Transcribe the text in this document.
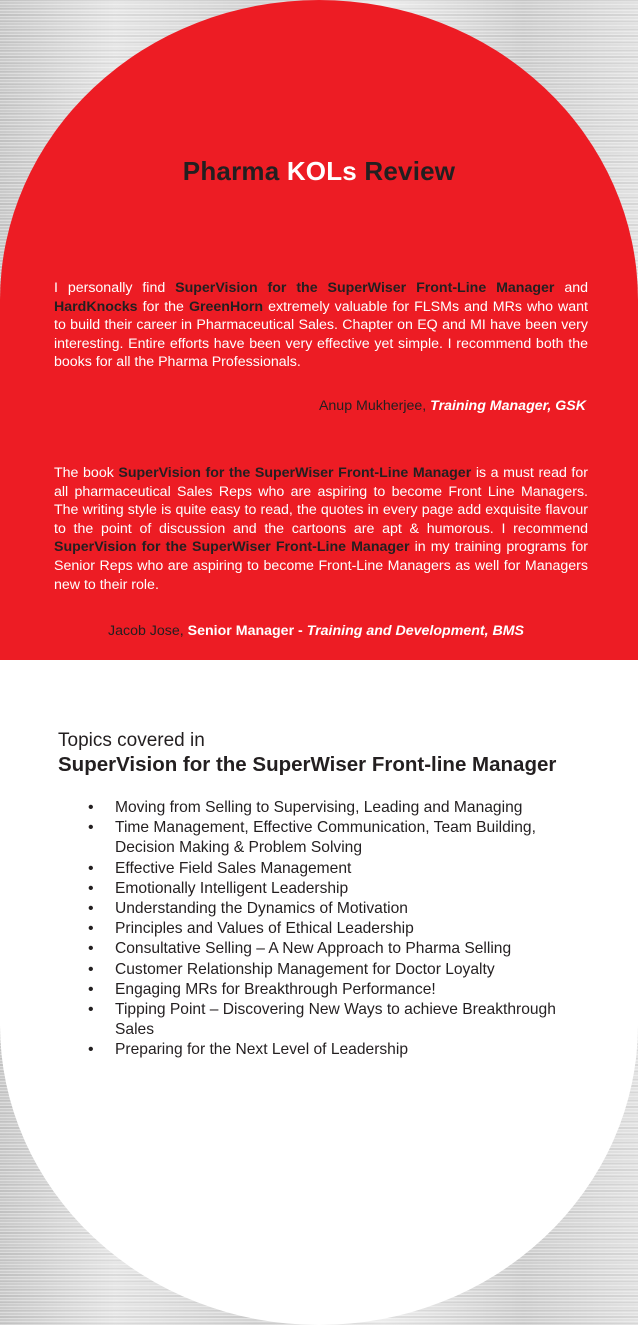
Pharma KOLs Review

I personally find SuperVision for the SuperWiser Front-Line Manager and HardKnocks for the GreenHorn extremely valuable for FLSMs and MRs who want to build their career in Pharmaceutical Sales. Chapter on EQ and MI have been very interesting. Entire efforts have been very effective yet simple. I recommend both the books for all the Pharma Professionals.

Anup Mukherjee, Training Manager, GSK

The book SuperVision for the SuperWiser Front-Line Manager is a must read for all pharmaceutical Sales Reps who are aspiring to become Front Line Managers. The writing style is quite easy to read, the quotes in every page add exquisite flavour to the point of discussion and the cartoons are apt & humorous. I recommend SuperVision for the SuperWiser Front-Line Manager in my training programs for Senior Reps who are aspiring to become Front-Line Managers as well for Managers new to their role.

Jacob Jose, Senior Manager - Training and Development, BMS
Topics covered in
SuperVision for the SuperWiser Front-line Manager
• Moving from Selling to Supervising, Leading and Managing
• Time Management, Effective Communication, Team Building, Decision Making & Problem Solving
• Effective Field Sales Management
• Emotionally Intelligent Leadership
• Understanding the Dynamics of Motivation
• Principles and Values of Ethical Leadership
• Consultative Selling – A New Approach to Pharma Selling
• Customer Relationship Management for Doctor Loyalty
• Engaging MRs for Breakthrough Performance!
• Tipping Point – Discovering New Ways to achieve Breakthrough Sales
• Preparing for the Next Level of Leadership
